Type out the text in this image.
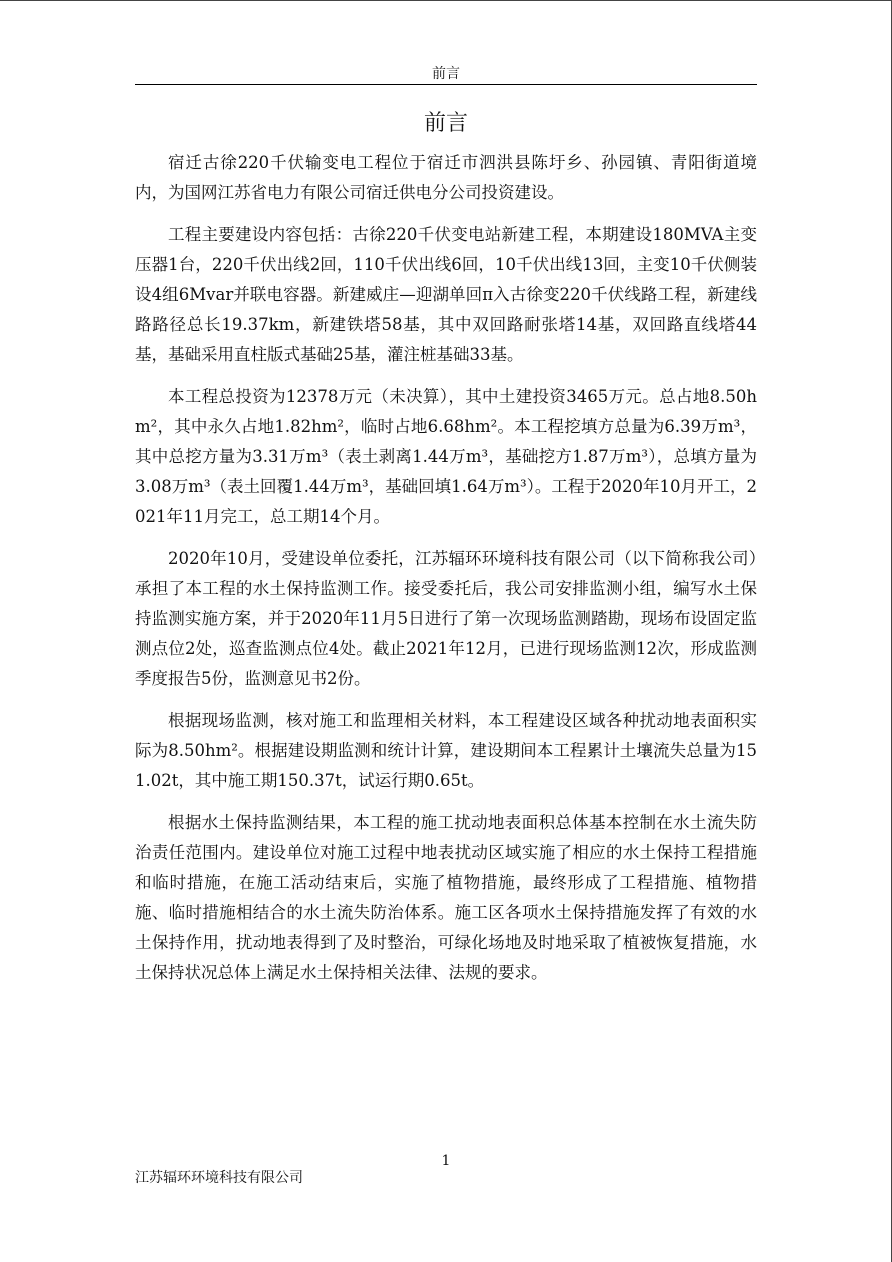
前言
前言

宿迁古徐220千伏输变电工程位于宿迁市泗洪县陈圩乡、孙园镇、青阳街道境内，为国网江苏省电力有限公司宿迁供电分公司投资建设。

工程主要建设内容包括：古徐220千伏变电站新建工程，本期建设180MVA主变压器1台，220千伏出线2回，110千伏出线6回，10千伏出线13回，主变10千伏侧装设4组6Mvar并联电容器。新建威庄—迎湖单回π入古徐变220千伏线路工程，新建线路路径总长19.37km，新建铁塔58基，其中双回路耐张塔14基，双回路直线塔44基，基础采用直柱版式基础25基，灌注桩基础33基。

本工程总投资为12378万元（未决算），其中土建投资3465万元。总占地8.50hm²，其中永久占地1.82hm²，临时占地6.68hm²。本工程挖填方总量为6.39万m³，其中总挖方量为3.31万m³（表土剥离1.44万m³，基础挖方1.87万m³），总填方量为3.08万m³（表土回覆1.44万m³，基础回填1.64万m³）。工程于2020年10月开工，2021年11月完工，总工期14个月。

2020年10月，受建设单位委托，江苏辐环环境科技有限公司（以下简称我公司）承担了本工程的水土保持监测工作。接受委托后，我公司安排监测小组，编写水土保持监测实施方案，并于2020年11月5日进行了第一次现场监测踏勘，现场布设固定监测点位2处，巡查监测点位4处。截止2021年12月，已进行现场监测12次，形成监测季度报告5份，监测意见书2份。

根据现场监测，核对施工和监理相关材料，本工程建设区域各种扰动地表面积实际为8.50hm²。根据建设期监测和统计计算，建设期间本工程累计土壤流失总量为151.02t，其中施工期150.37t，试运行期0.65t。

根据水土保持监测结果，本工程的施工扰动地表面积总体基本控制在水土流失防治责任范围内。建设单位对施工过程中地表扰动区域实施了相应的水土保持工程措施和临时措施，在施工活动结束后，实施了植物措施，最终形成了工程措施、植物措施、临时措施相结合的水土流失防治体系。施工区各项水土保持措施发挥了有效的水土保持作用，扰动地表得到了及时整治，可绿化场地及时地采取了植被恢复措施，水土保持状况总体上满足水土保持相关法律、法规的要求。

1
江苏辐环环境科技有限公司
